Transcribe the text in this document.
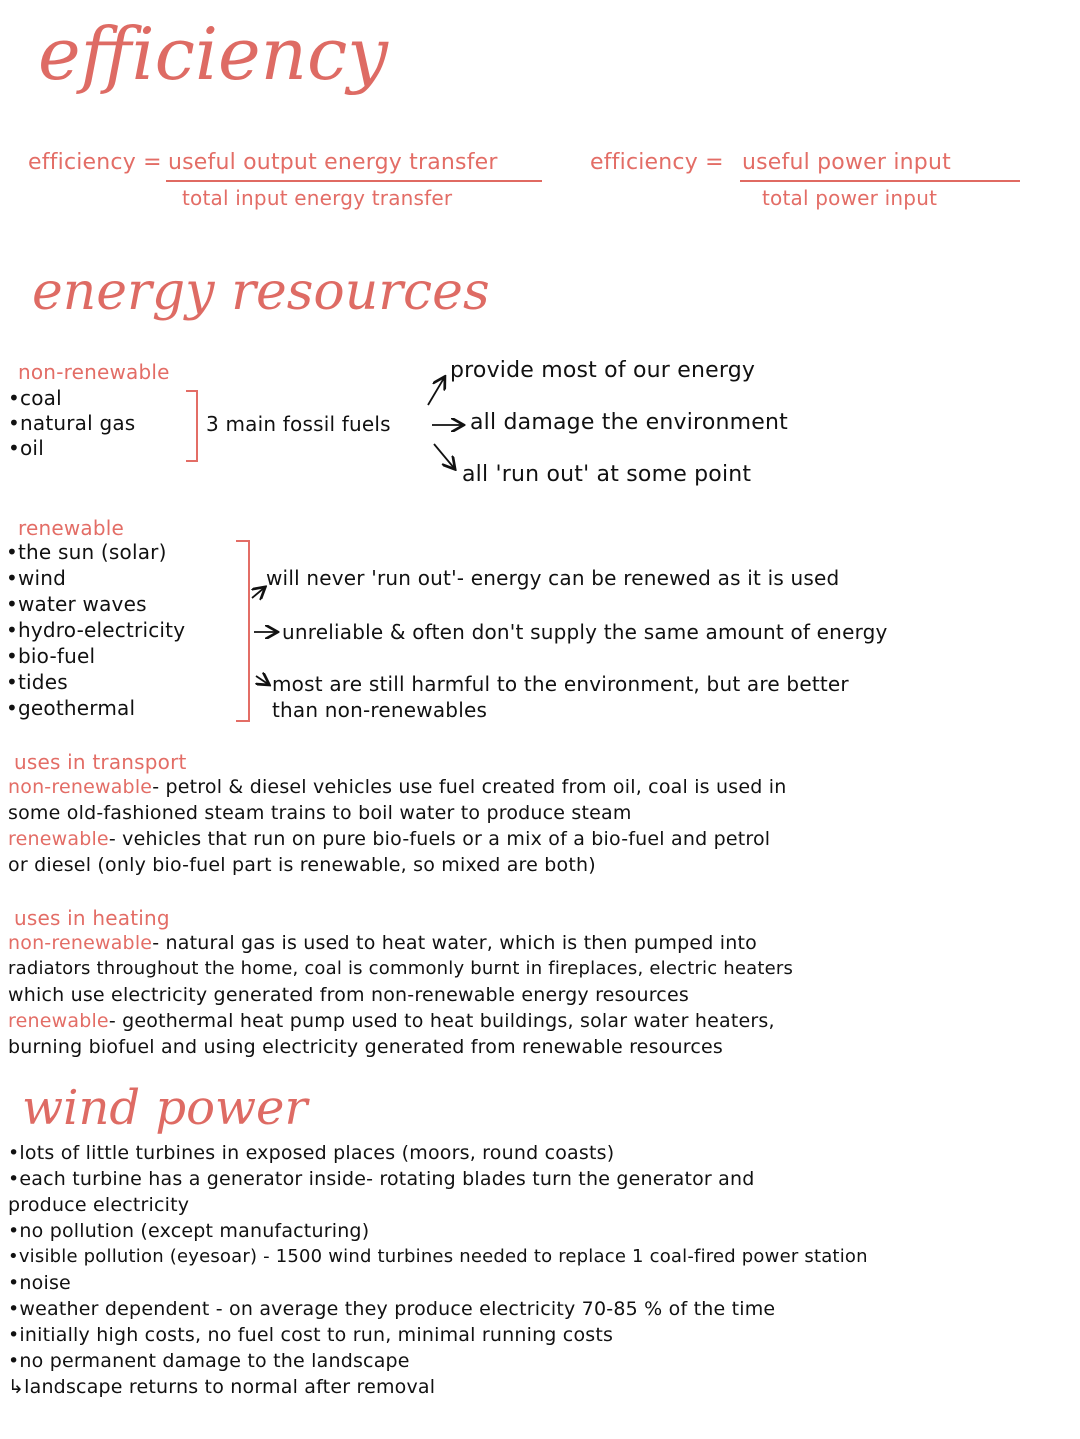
efficiency
efficiency = useful output energy transfer
total input energy transfer
efficiency = useful power input
total power input
energy resources
non-renewable
•coal
•natural gas
•oil
3 main fossil fuels
provide most of our energy
all damage the environment
all 'run out' at some point
renewable
•the sun (solar)
•wind
•water waves
•hydro-electricity
•bio-fuel
•tides
•geothermal
will never 'run out'- energy can be renewed as it is used
unreliable & often don't supply the same amount of energy
most are still harmful to the environment, but are better
than non-renewables
uses in transport
non-renewable- petrol & diesel vehicles use fuel created from oil, coal is used in
some old-fashioned steam trains to boil water to produce steam
renewable- vehicles that run on pure bio-fuels or a mix of a bio-fuel and petrol
or diesel (only bio-fuel part is renewable, so mixed are both)
uses in heating
non-renewable- natural gas is used to heat water, which is then pumped into
radiators throughout the home, coal is commonly burnt in fireplaces, electric heaters
which use electricity generated from non-renewable energy resources
renewable- geothermal heat pump used to heat buildings, solar water heaters,
burning biofuel and using electricity generated from renewable resources
wind power
•lots of little turbines in exposed places (moors, round coasts)
•each turbine has a generator inside- rotating blades turn the generator and
produce electricity
•no pollution (except manufacturing)
•visible pollution (eyesoar) - 1500 wind turbines needed to replace 1 coal-fired power station
•noise
•weather dependent - on average they produce electricity 70-85 % of the time
•initially high costs, no fuel cost to run, minimal running costs
•no permanent damage to the landscape
↳landscape returns to normal after removal
